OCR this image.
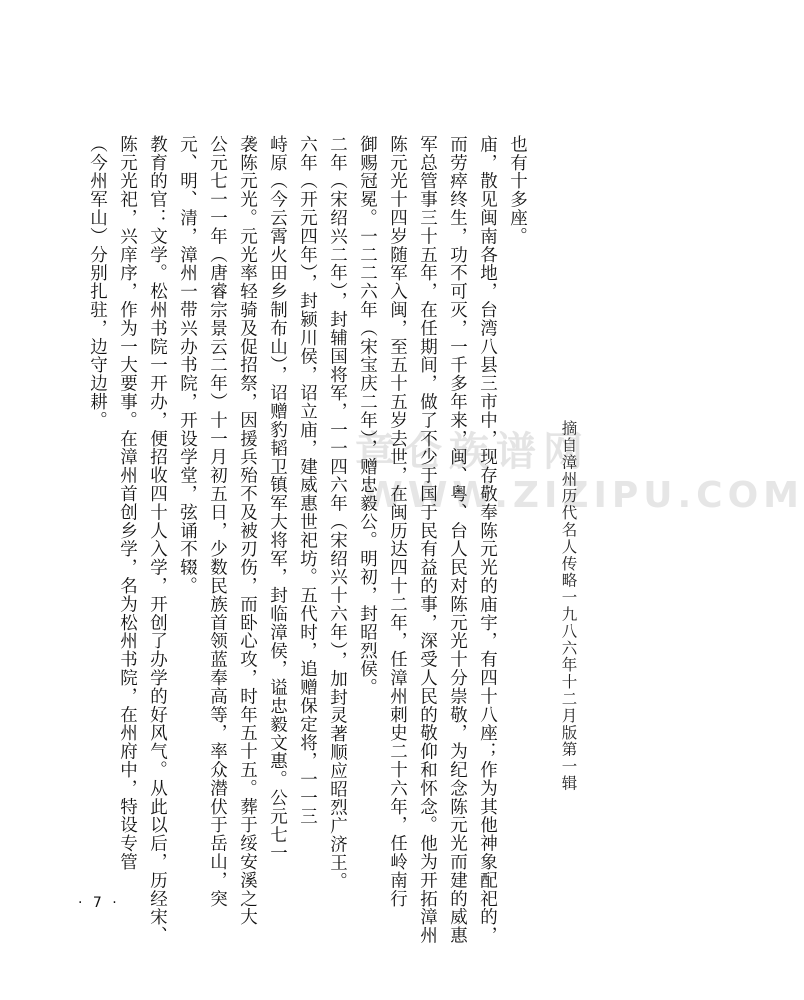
章仑族谱网
WWW.ZIZIPU.COM
（今州军山）分别扎驻，边守边耕。 陈元光祀，兴庠序，作为一大要事。在漳州首创乡学，名为松州书院，在州府中，特设专管 教育的官：文学。松州书院一开办，便招收四十人入学，开创了办学的好风气。从此以后，历经宋、 元、明、清，漳州一带兴办书院，开设学堂，弦诵不辍。 公元七一一年（唐睿宗景云二年）十一月初五日，少数民族首领蓝奉高等，率众潜伏于岳山，突 袭陈元光。元光率轻骑及促招祭，因援兵殆不及被刃伤，而卧心攻，时年五十五。葬于绥安溪之大 峙原（今云霄火田乡制布山），诏赠豹韬卫镇军大将军，封临漳侯，谥忠毅文惠。公元七一 六年（开元四年），封颍川侯，诏立庙，建威惠世祀坊。五代时，追赠保定将，一一三 二年（宋绍兴二年），封辅国将军，一一四六年（宋绍兴十六年），加封灵著顺应昭烈广济王。 御赐冠冕。一二二六年（宋宝庆二年），赠忠毅公。明初，封昭烈侯。 陈元光十四岁随军入闽，至五十五岁去世，在闽历达四十二年，任漳州刺史二十六年，任岭南行 军总管事三十五年，在任期间，做了不少于国于民有益的事，深受人民的敬仰和怀念。他为开拓漳州 而劳瘁终生，功不可灭，一千多年来，闽、粤、台人民对陈元光十分崇敬，为纪念陈元光而建的威惠 庙，散见闽南各地，台湾八县三市中，现存敬奉陈元光的庙宇，有四十八座；作为其他神象配祀的， 也有十多座。
摘自漳州历代名人传略一九八六年十二月版第一辑
· 7 ·
